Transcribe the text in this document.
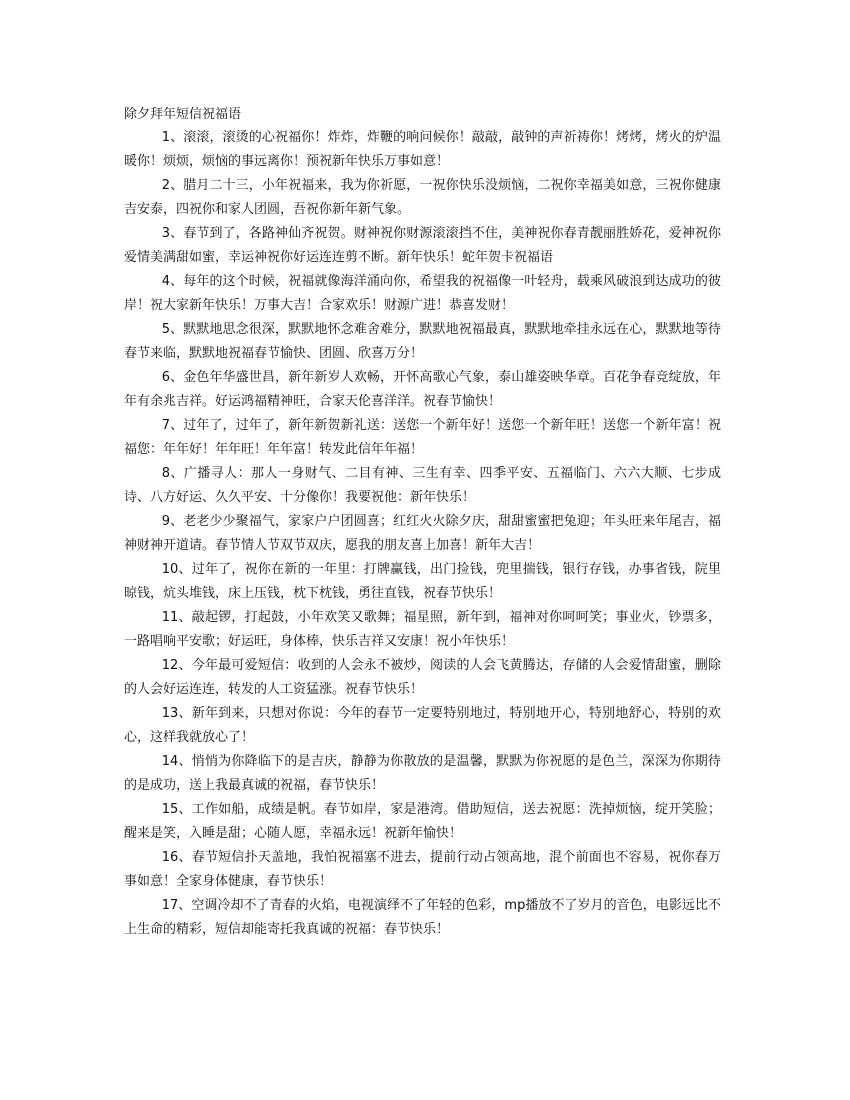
除夕拜年短信祝福语

1、滚滚，滚烫的心祝福你！炸炸，炸鞭的响问候你！敲敲，敲钟的声祈祷你！烤烤，烤火的炉温暖你！烦烦，烦恼的事远离你！预祝新年快乐万事如意！

2、腊月二十三，小年祝福来，我为你祈愿，一祝你快乐没烦恼，二祝你幸福美如意，三祝你健康吉安泰，四祝你和家人团圆，吾祝你新年新气象。

3、春节到了，各路神仙齐祝贺。财神祝你财源滚滚挡不住，美神祝你春青靓丽胜娇花，爱神祝你爱情美满甜如蜜，幸运神祝你好运连连剪不断。新年快乐！蛇年贺卡祝福语

4、每年的这个时候，祝福就像海洋涌向你，希望我的祝福像一叶轻舟，载乘风破浪到达成功的彼岸！祝大家新年快乐！万事大吉！合家欢乐！财源广进！恭喜发财！

5、默默地思念很深，默默地怀念难舍难分，默默地祝福最真，默默地牵挂永远在心，默默地等待春节来临，默默地祝福春节愉快、团圆、欣喜万分！

6、金色年华盛世昌，新年新岁人欢畅，开怀高歌心气象，泰山雄姿映华章。百花争春竞绽放，年年有余兆吉祥。好运鸿福精神旺，合家天伦喜洋洋。祝春节愉快！

7、过年了，过年了，新年新贺新礼送：送您一个新年好！送您一个新年旺！送您一个新年富！祝福您：年年好！年年旺！年年富！转发此信年年福！

8、广播寻人：那人一身财气、二目有神、三生有幸、四季平安、五福临门、六六大顺、七步成诗、八方好运、久久平安、十分像你！我要祝他：新年快乐！

9、老老少少聚福气，家家户户团圆喜；红红火火除夕庆，甜甜蜜蜜把兔迎；年头旺来年尾吉，福神财神开道请。春节情人节双节双庆，愿我的朋友喜上加喜！新年大吉！

10、过年了，祝你在新的一年里：打牌赢钱，出门捡钱，兜里揣钱，银行存钱，办事省钱，院里晾钱，炕头堆钱，床上压钱，枕下枕钱，勇往直钱，祝春节快乐！

11、敲起锣，打起鼓，小年欢笑又歌舞；福星照，新年到，福神对你呵呵笑；事业火，钞票多，一路唱响平安歌；好运旺，身体棒，快乐吉祥又安康！祝小年快乐！

12、今年最可爱短信：收到的人会永不被炒，阅读的人会飞黄腾达，存储的人会爱情甜蜜，删除的人会好运连连，转发的人工资猛涨。祝春节快乐！

13、新年到来，只想对你说：今年的春节一定要特别地过，特别地开心，特别地舒心，特别的欢心，这样我就放心了！

14、悄悄为你降临下的是吉庆，静静为你散放的是温馨，默默为你祝愿的是色兰，深深为你期待的是成功，送上我最真诚的祝福，春节快乐！

15、工作如船，成绩是帆。春节如岸，家是港湾。借助短信，送去祝愿：洗掉烦恼，绽开笑脸；醒来是笑，入睡是甜；心随人愿，幸福永远！祝新年愉快！

16、春节短信扑天盖地，我怕祝福塞不进去，提前行动占领高地，混个前面也不容易，祝你春万事如意！全家身体健康，春节快乐！

17、空调冷却不了青春的火焰，电视演绎不了年轻的色彩，mp播放不了岁月的音色，电影远比不上生命的精彩，短信却能寄托我真诚的祝福：春节快乐！
